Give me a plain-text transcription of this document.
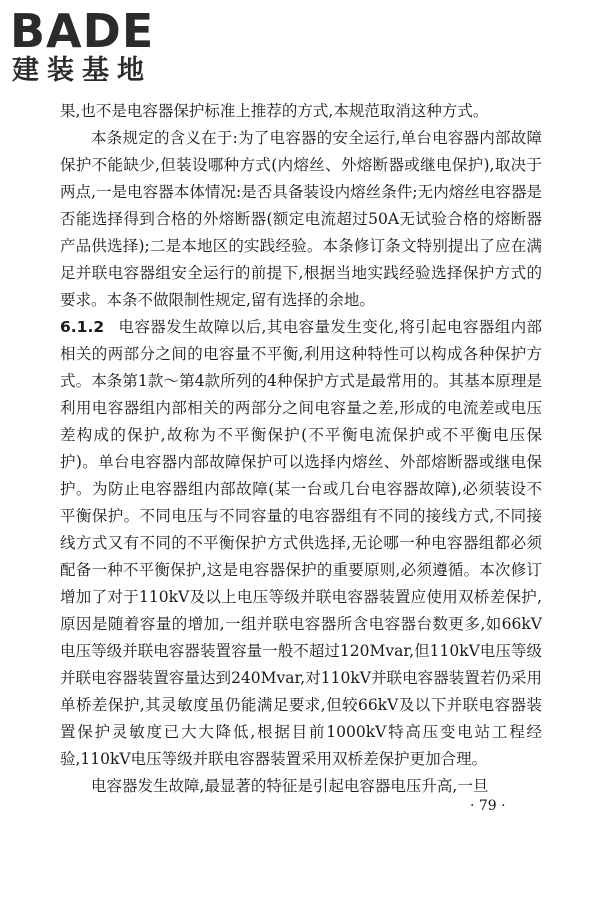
BADE
建装基地

果,也不是电容器保护标准上推荐的方式,本规范取消这种方式。

本条规定的含义在于:为了电容器的安全运行,单台电容器内部故障保护不能缺少,但装设哪种方式(内熔丝、外熔断器或继电保护),取决于两点,一是电容器本体情况:是否具备装设内熔丝条件;无内熔丝电容器是否能选择得到合格的外熔断器(额定电流超过50A无试验合格的熔断器产品供选择);二是本地区的实践经验。本条修订条文特别提出了应在满足并联电容器组安全运行的前提下,根据当地实践经验选择保护方式的要求。本条不做限制性规定,留有选择的余地。

6.1.2 电容器发生故障以后,其电容量发生变化,将引起电容器组内部相关的两部分之间的电容量不平衡,利用这种特性可以构成各种保护方式。本条第1款～第4款所列的4种保护方式是最常用的。其基本原理是利用电容器组内部相关的两部分之间电容量之差,形成的电流差或电压差构成的保护,故称为不平衡保护(不平衡电流保护或不平衡电压保护)。单台电容器内部故障保护可以选择内熔丝、外部熔断器或继电保护。为防止电容器组内部故障(某一台或几台电容器故障),必须装设不平衡保护。不同电压与不同容量的电容器组有不同的接线方式,不同接线方式又有不同的不平衡保护方式供选择,无论哪一种电容器组都必须配备一种不平衡保护,这是电容器保护的重要原则,必须遵循。本次修订增加了对于110kV及以上电压等级并联电容器装置应使用双桥差保护,原因是随着容量的增加,一组并联电容器所含电容器台数更多,如66kV电压等级并联电容器装置容量一般不超过120Mvar,但110kV电压等级并联电容器装置容量达到240Mvar,对110kV并联电容器装置若仍采用单桥差保护,其灵敏度虽仍能满足要求,但较66kV及以下并联电容器装置保护灵敏度已大大降低,根据目前1000kV特高压变电站工程经验,110kV电压等级并联电容器装置采用双桥差保护更加合理。

电容器发生故障,最显著的特征是引起电容器电压升高,一旦

· 79 ·
